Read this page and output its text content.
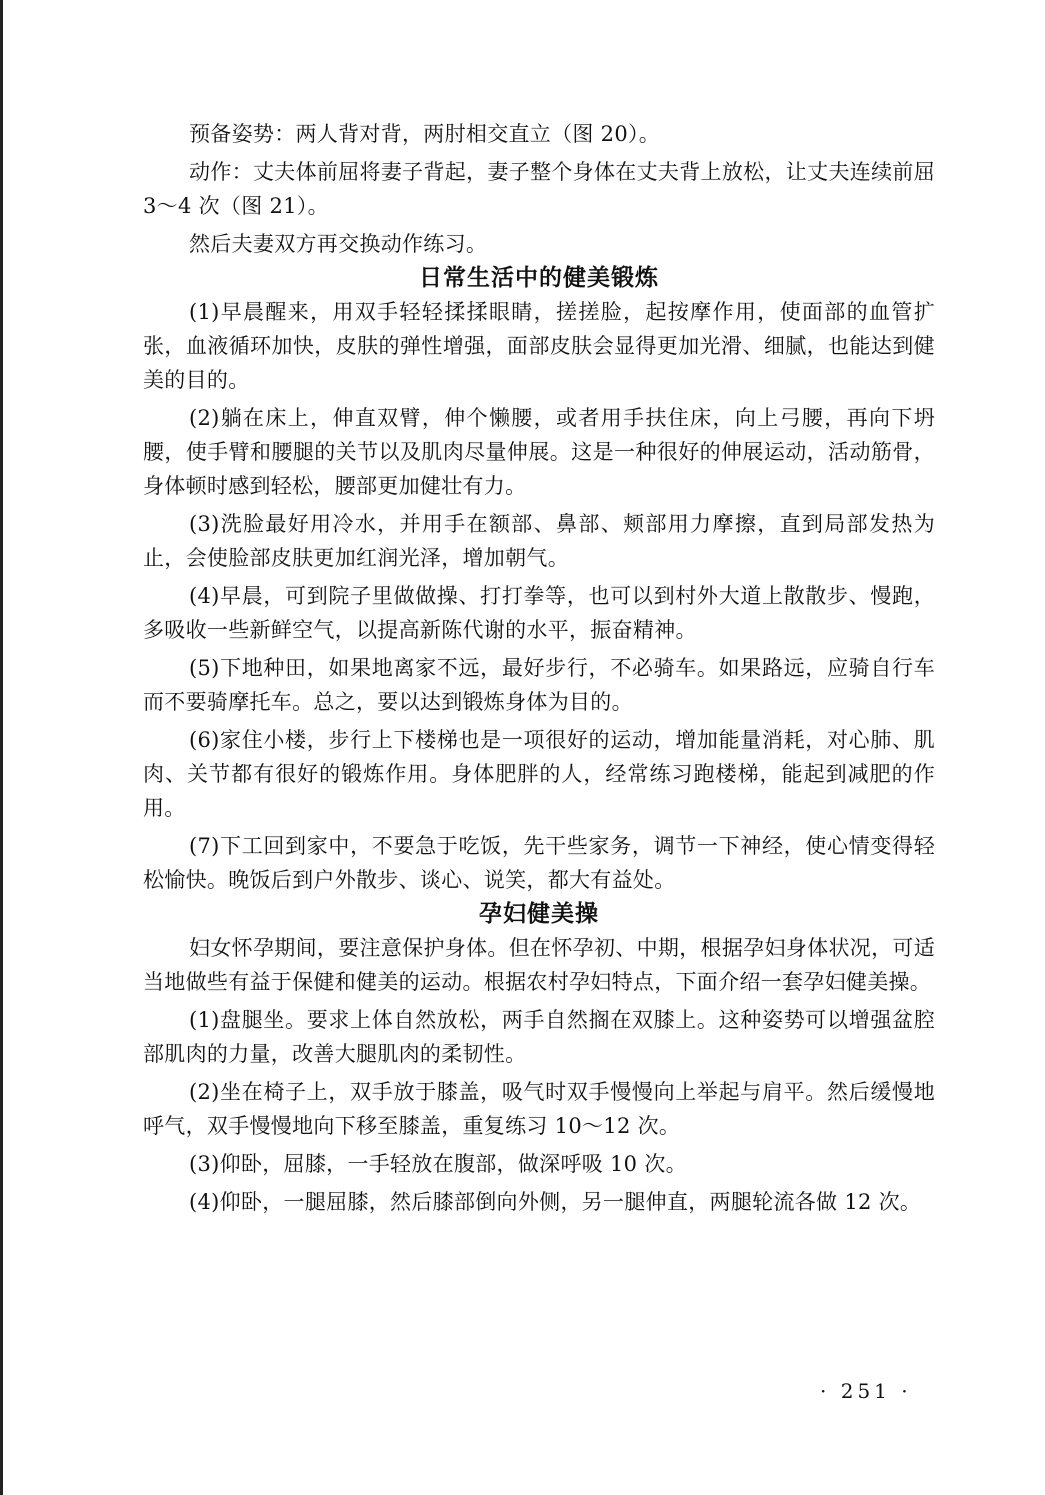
预备姿势：两人背对背，两肘相交直立（图 20）。

动作：丈夫体前屈将妻子背起，妻子整个身体在丈夫背上放松，让丈夫连续前屈 3～4 次（图 21）。

然后夫妻双方再交换动作练习。

日常生活中的健美锻炼

(1)早晨醒来，用双手轻轻揉揉眼睛，搓搓脸，起按摩作用，使面部的血管扩张，血液循环加快，皮肤的弹性增强，面部皮肤会显得更加光滑、细腻，也能达到健美的目的。

(2)躺在床上，伸直双臂，伸个懒腰，或者用手扶住床，向上弓腰，再向下坍腰，使手臂和腰腿的关节以及肌肉尽量伸展。这是一种很好的伸展运动，活动筋骨，身体顿时感到轻松，腰部更加健壮有力。

(3)洗脸最好用冷水，并用手在额部、鼻部、颊部用力摩擦，直到局部发热为止，会使脸部皮肤更加红润光泽，增加朝气。

(4)早晨，可到院子里做做操、打打拳等，也可以到村外大道上散散步、慢跑，多吸收一些新鲜空气，以提高新陈代谢的水平，振奋精神。

(5)下地种田，如果地离家不远，最好步行，不必骑车。如果路远，应骑自行车而不要骑摩托车。总之，要以达到锻炼身体为目的。

(6)家住小楼，步行上下楼梯也是一项很好的运动，增加能量消耗，对心肺、肌肉、关节都有很好的锻炼作用。身体肥胖的人，经常练习跑楼梯，能起到减肥的作用。

(7)下工回到家中，不要急于吃饭，先干些家务，调节一下神经，使心情变得轻松愉快。晚饭后到户外散步、谈心、说笑，都大有益处。

孕妇健美操

妇女怀孕期间，要注意保护身体。但在怀孕初、中期，根据孕妇身体状况，可适当地做些有益于保健和健美的运动。根据农村孕妇特点，下面介绍一套孕妇健美操。

(1)盘腿坐。要求上体自然放松，两手自然搁在双膝上。这种姿势可以增强盆腔部肌肉的力量，改善大腿肌肉的柔韧性。

(2)坐在椅子上，双手放于膝盖，吸气时双手慢慢向上举起与肩平。然后缓慢地呼气，双手慢慢地向下移至膝盖，重复练习 10～12 次。

(3)仰卧，屈膝，一手轻放在腹部，做深呼吸 10 次。

(4)仰卧，一腿屈膝，然后膝部倒向外侧，另一腿伸直，两腿轮流各做 12 次。

· 251 ·
